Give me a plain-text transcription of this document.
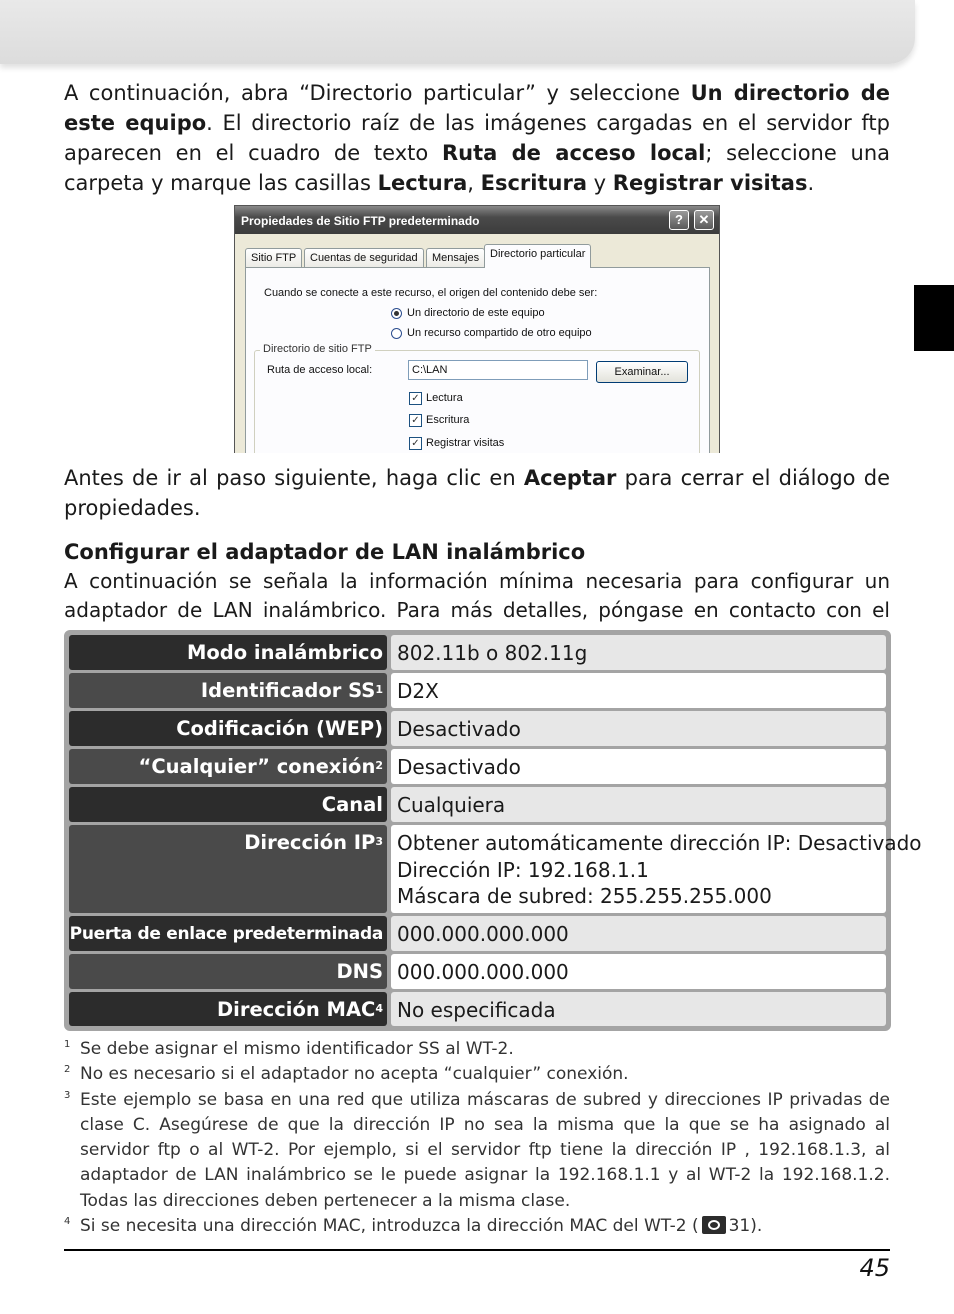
A continuación, abra “Directorio particular” y seleccione Un directorio de este equipo. El directorio raíz de las imágenes cargadas en el servidor ftp aparecen en el cuadro de texto Ruta de acceso local; seleccione una carpeta y marque las casillas Lectura, Escritura y Registrar visitas.

Propiedades de Sitio FTP predeterminado	?	✕
Sitio FTP	Cuentas de seguridad	Mensajes Directorio particular
Cuando se conecte a este recurso, el origen del contenido debe ser:
Un directorio de este equipo
Un recurso compartido de otro equipo
Directorio de sitio FTP
Ruta de acceso local:	C:\LAN	Examinar...
✓ Lectura
✓ Escritura
✓ Registrar visitas

Antes de ir al paso siguiente, haga clic en Aceptar para cerrar el diálogo de propiedades.

Configurar el adaptador de LAN inalámbrico

A continuación se señala la información mínima necesaria para configurar un adaptador de LAN inalámbrico. Para más detalles, póngase en contacto con el

Modo inalámbrico 802.11b o 802.11g
Identificador $SS^1$ D2X
Codificación (WEP) Desactivado
“Cualquier” conexión$^2$ Desactivado
Canal Cualquiera
Dirección $IP^3$ Obtener automáticamente dirección IP: Desactivado
Dirección IP: 192.168.1.1
Máscara de subred: 255.255.255.000
Puerta de enlace predeterminada 000.000.000.000
DNS 000.000.000.000
Dirección MAC$^4$ No especificada

1 Se debe asignar el mismo identificador SS al WT-2.

2 No es necesario si el adaptador no acepta “cualquier” conexión.

3 Este ejemplo se basa en una red que utiliza máscaras de subred y direcciones IP privadas de clase C. Asegúrese de que la dirección IP no sea la misma que la que se ha asignado al servidor ftp o al WT-2. Por ejemplo, si el servidor ftp tiene la dirección IP , 192.168.1.3, al adaptador de LAN inalámbrico se le puede asignar la 192.168.1.1 y al WT-2 la 192.168.1.2. Todas las direcciones deben pertenecer a la misma clase.

4 Si se necesita una dirección MAC, introduzca la dirección MAC del WT-2 ( 31).

45
